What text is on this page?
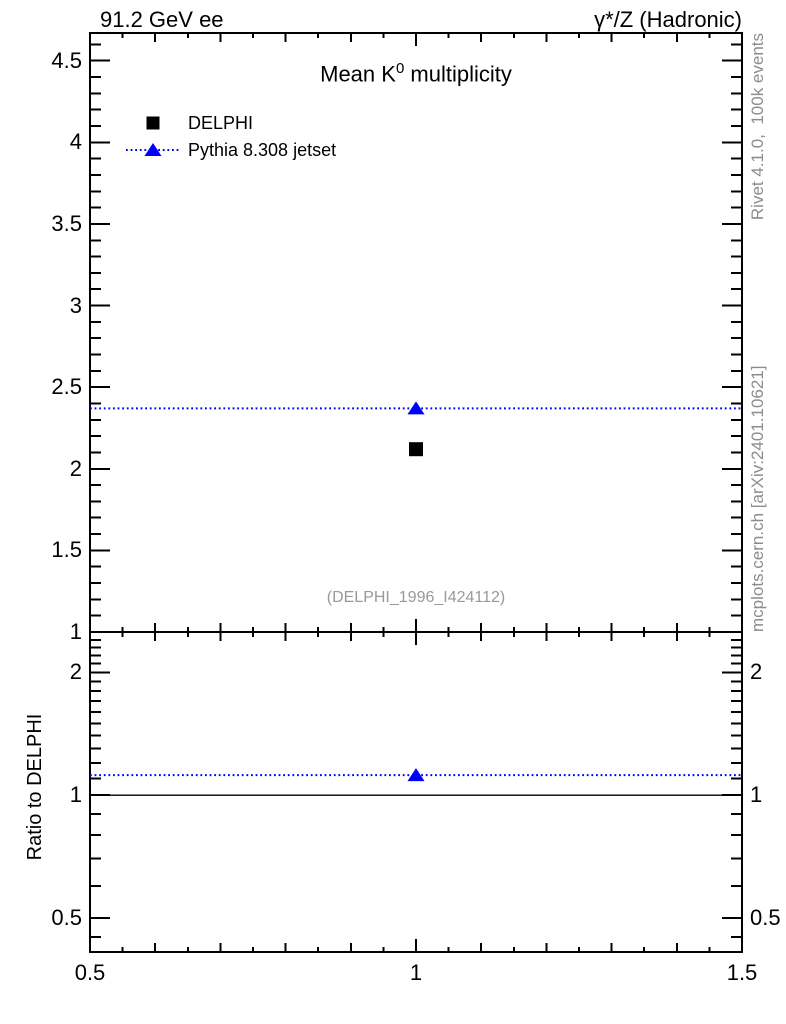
91.2 GeV ee	γ*/Z (Hadronic)
Mean $K^0$ multiplicity
DELPHI
Pythia 8.308 jetset
(DELPHI_1996_I424112)
Rivet 4.1.0,  100k events
mcplots.cern.ch [arXiv:2401.10621]
Ratio to DELPHI
1
1.5
2
2.5
3
3.5
4
4.5
0.5	0.5
1	1
2	2
0.5	1	1.5
